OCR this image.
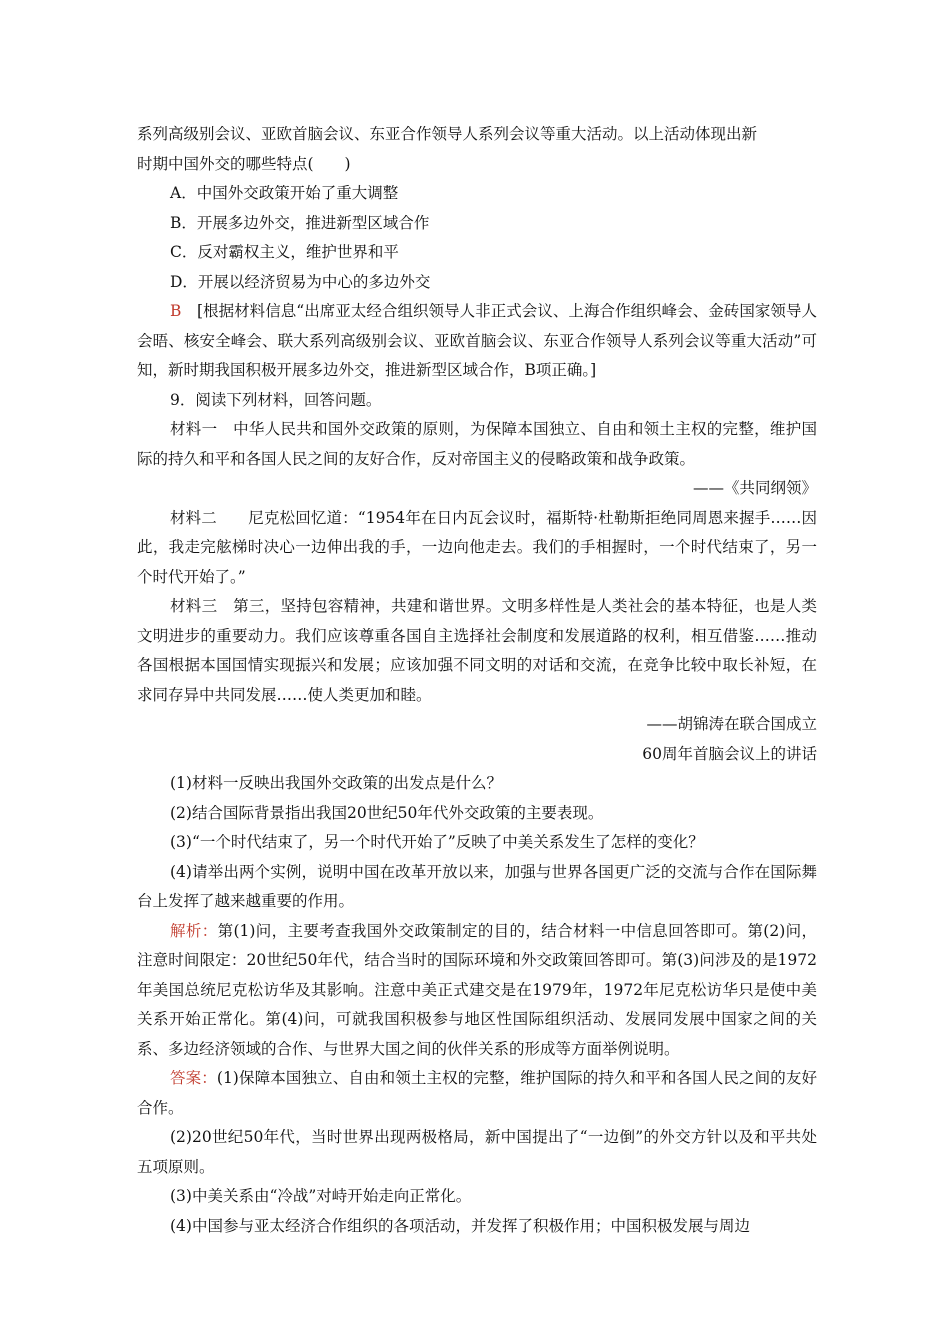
系列高级别会议、亚欧首脑会议、东亚合作领导人系列会议等重大活动。以上活动体现出新
时期中国外交的哪些特点(　　)

A．中国外交政策开始了重大调整

B．开展多边外交，推进新型区域合作

C．反对霸权主义，维护世界和平

D．开展以经济贸易为中心的多边外交

B　[根据材料信息“出席亚太经合组织领导人非正式会议、上海合作组织峰会、金砖国家领导人会晤、核安全峰会、联大系列高级别会议、亚欧首脑会议、东亚合作领导人系列会议等重大活动”可知，新时期我国积极开展多边外交，推进新型区域合作，B项正确。]

9．阅读下列材料，回答问题。

材料一　中华人民共和国外交政策的原则，为保障本国独立、自由和领土主权的完整，维护国际的持久和平和各国人民之间的友好合作，反对帝国主义的侵略政策和战争政策。

——《共同纲领》

材料二　　尼克松回忆道：“1954年在日内瓦会议时，福斯特·杜勒斯拒绝同周恩来握手……因此，我走完舷梯时决心一边伸出我的手，一边向他走去。我们的手相握时，一个时代结束了，另一个时代开始了。”

材料三　第三，坚持包容精神，共建和谐世界。文明多样性是人类社会的基本特征，也是人类文明进步的重要动力。我们应该尊重各国自主选择社会制度和发展道路的权利，相互借鉴……推动各国根据本国国情实现振兴和发展；应该加强不同文明的对话和交流，在竞争比较中取长补短，在求同存异中共同发展……使人类更加和睦。

——胡锦涛在联合国成立
60周年首脑会议上的讲话

(1)材料一反映出我国外交政策的出发点是什么？

(2)结合国际背景指出我国20世纪50年代外交政策的主要表现。

(3)“一个时代结束了，另一个时代开始了”反映了中美关系发生了怎样的变化？

(4)请举出两个实例，说明中国在改革开放以来，加强与世界各国更广泛的交流与合作在国际舞台上发挥了越来越重要的作用。

解析：第(1)问，主要考查我国外交政策制定的目的，结合材料一中信息回答即可。第(2)问，注意时间限定：20世纪50年代，结合当时的国际环境和外交政策回答即可。第(3)问涉及的是1972年美国总统尼克松访华及其影响。注意中美正式建交是在1979年，1972年尼克松访华只是使中美关系开始正常化。第(4)问，可就我国积极参与地区性国际组织活动、发展同发展中国家之间的关系、多边经济领域的合作、与世界大国之间的伙伴关系的形成等方面举例说明。

答案：(1)保障本国独立、自由和领土主权的完整，维护国际的持久和平和各国人民之间的友好合作。

(2)20世纪50年代，当时世界出现两极格局，新中国提出了“一边倒”的外交方针以及和平共处五项原则。

(3)中美关系由“冷战”对峙开始走向正常化。

(4)中国参与亚太经济合作组织的各项活动，并发挥了积极作用；中国积极发展与周边
